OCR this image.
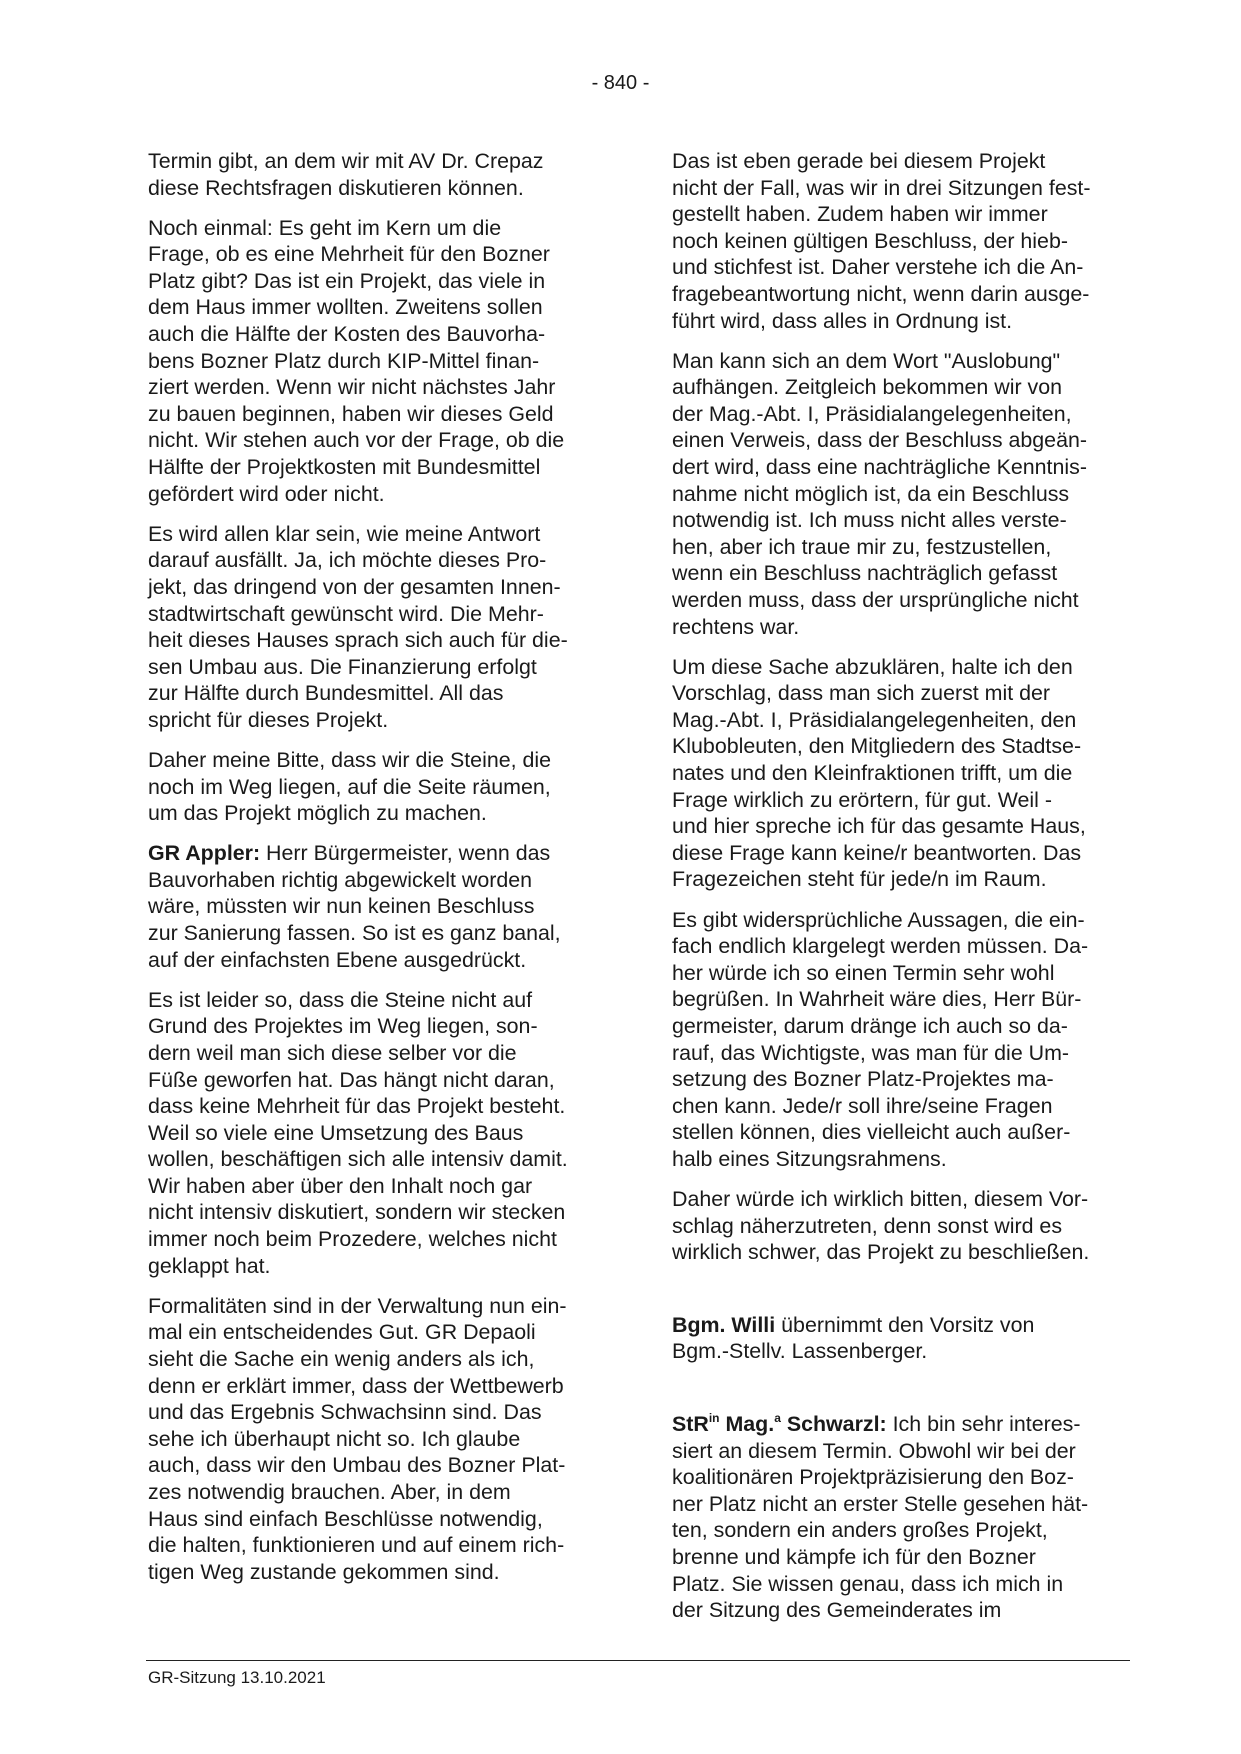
- 840 -

Termin gibt, an dem wir mit AV Dr. Crepaz
diese Rechtsfragen diskutieren können.

Noch einmal: Es geht im Kern um die
Frage, ob es eine Mehrheit für den Bozner
Platz gibt? Das ist ein Projekt, das viele in
dem Haus immer wollten. Zweitens sollen
auch die Hälfte der Kosten des Bauvorha-
bens Bozner Platz durch KIP-Mittel finan-
ziert werden. Wenn wir nicht nächstes Jahr
zu bauen beginnen, haben wir dieses Geld
nicht. Wir stehen auch vor der Frage, ob die
Hälfte der Projektkosten mit Bundesmittel
gefördert wird oder nicht.

Es wird allen klar sein, wie meine Antwort
darauf ausfällt. Ja, ich möchte dieses Pro-
jekt, das dringend von der gesamten Innen-
stadtwirtschaft gewünscht wird. Die Mehr-
heit dieses Hauses sprach sich auch für die-
sen Umbau aus. Die Finanzierung erfolgt
zur Hälfte durch Bundesmittel. All das
spricht für dieses Projekt.

Daher meine Bitte, dass wir die Steine, die
noch im Weg liegen, auf die Seite räumen,
um das Projekt möglich zu machen.

GR Appler: Herr Bürgermeister, wenn das
Bauvorhaben richtig abgewickelt worden
wäre, müssten wir nun keinen Beschluss
zur Sanierung fassen. So ist es ganz banal,
auf der einfachsten Ebene ausgedrückt.

Es ist leider so, dass die Steine nicht auf
Grund des Projektes im Weg liegen, son-
dern weil man sich diese selber vor die
Füße geworfen hat. Das hängt nicht daran,
dass keine Mehrheit für das Projekt besteht.
Weil so viele eine Umsetzung des Baus
wollen, beschäftigen sich alle intensiv damit.
Wir haben aber über den Inhalt noch gar
nicht intensiv diskutiert, sondern wir stecken
immer noch beim Prozedere, welches nicht
geklappt hat.

Formalitäten sind in der Verwaltung nun ein-
mal ein entscheidendes Gut. GR Depaoli
sieht die Sache ein wenig anders als ich,
denn er erklärt immer, dass der Wettbewerb
und das Ergebnis Schwachsinn sind. Das
sehe ich überhaupt nicht so. Ich glaube
auch, dass wir den Umbau des Bozner Plat-
zes notwendig brauchen. Aber, in dem
Haus sind einfach Beschlüsse notwendig,
die halten, funktionieren und auf einem rich-
tigen Weg zustande gekommen sind.

Das ist eben gerade bei diesem Projekt
nicht der Fall, was wir in drei Sitzungen fest-
gestellt haben. Zudem haben wir immer
noch keinen gültigen Beschluss, der hieb-
und stichfest ist. Daher verstehe ich die An-
fragebeantwortung nicht, wenn darin ausge-
führt wird, dass alles in Ordnung ist.

Man kann sich an dem Wort "Auslobung"
aufhängen. Zeitgleich bekommen wir von
der Mag.-Abt. I, Präsidialangelegenheiten,
einen Verweis, dass der Beschluss abgeän-
dert wird, dass eine nachträgliche Kenntnis-
nahme nicht möglich ist, da ein Beschluss
notwendig ist. Ich muss nicht alles verste-
hen, aber ich traue mir zu, festzustellen,
wenn ein Beschluss nachträglich gefasst
werden muss, dass der ursprüngliche nicht
rechtens war.

Um diese Sache abzuklären, halte ich den
Vorschlag, dass man sich zuerst mit der
Mag.-Abt. I, Präsidialangelegenheiten, den
Klubobleuten, den Mitgliedern des Stadtse-
nates und den Kleinfraktionen trifft, um die
Frage wirklich zu erörtern, für gut. Weil -
und hier spreche ich für das gesamte Haus,
diese Frage kann keine/r beantworten. Das
Fragezeichen steht für jede/n im Raum.

Es gibt widersprüchliche Aussagen, die ein-
fach endlich klargelegt werden müssen. Da-
her würde ich so einen Termin sehr wohl
begrüßen. In Wahrheit wäre dies, Herr Bür-
germeister, darum dränge ich auch so da-
rauf, das Wichtigste, was man für die Um-
setzung des Bozner Platz-Projektes ma-
chen kann. Jede/r soll ihre/seine Fragen
stellen können, dies vielleicht auch außer-
halb eines Sitzungsrahmens.

Daher würde ich wirklich bitten, diesem Vor-
schlag näherzutreten, denn sonst wird es
wirklich schwer, das Projekt zu beschließen.

Bgm. Willi übernimmt den Vorsitz von
Bgm.-Stellv. Lassenberger.

StR$^{in}$ Mag.$^a$ Schwarzl: Ich bin sehr interes-
siert an diesem Termin. Obwohl wir bei der
koalitionären Projektpräzisierung den Boz-
ner Platz nicht an erster Stelle gesehen hät-
ten, sondern ein anders großes Projekt,
brenne und kämpfe ich für den Bozner
Platz. Sie wissen genau, dass ich mich in
der Sitzung des Gemeinderates im

GR-Sitzung 13.10.2021
